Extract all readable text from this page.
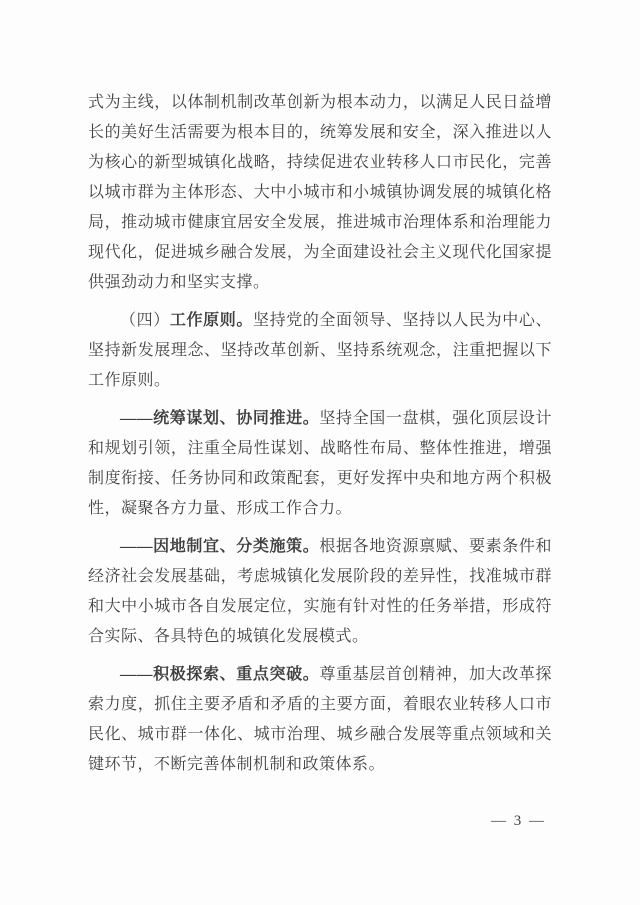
式为主线，以体制机制改革创新为根本动力，以满足人民日益增
长的美好生活需要为根本目的，统筹发展和安全，深入推进以人
为核心的新型城镇化战略，持续促进农业转移人口市民化，完善
以城市群为主体形态、大中小城市和小城镇协调发展的城镇化格
局，推动城市健康宜居安全发展，推进城市治理体系和治理能力
现代化，促进城乡融合发展，为全面建设社会主义现代化国家提
供强劲动力和坚实支撑。
（四）工作原则。坚持党的全面领导、坚持以人民为中心、
坚持新发展理念、坚持改革创新、坚持系统观念，注重把握以下
工作原则。
——统筹谋划、协同推进。坚持全国一盘棋，强化顶层设计
和规划引领，注重全局性谋划、战略性布局、整体性推进，增强
制度衔接、任务协同和政策配套，更好发挥中央和地方两个积极
性，凝聚各方力量、形成工作合力。
——因地制宜、分类施策。根据各地资源禀赋、要素条件和
经济社会发展基础，考虑城镇化发展阶段的差异性，找准城市群
和大中小城市各自发展定位，实施有针对性的任务举措，形成符
合实际、各具特色的城镇化发展模式。
——积极探索、重点突破。尊重基层首创精神，加大改革探
索力度，抓住主要矛盾和矛盾的主要方面，着眼农业转移人口市
民化、城市群一体化、城市治理、城乡融合发展等重点领域和关
键环节，不断完善体制机制和政策体系。
— 3 —
